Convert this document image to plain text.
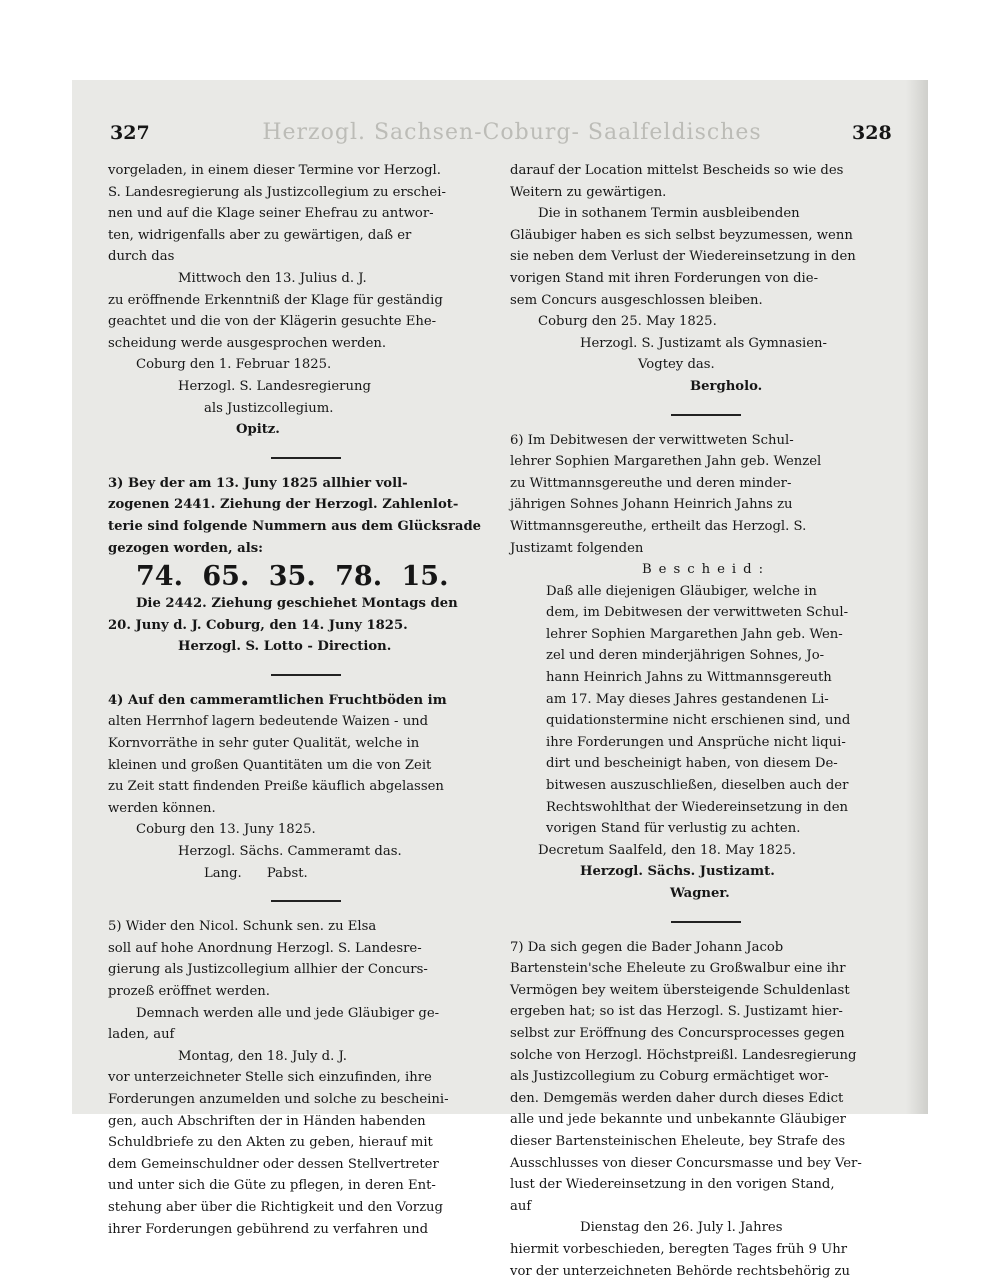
Herzogl. Sachsen-Coburg- Saalfeldisches
327	328

vorgeladen, in einem dieser Termine vor Herzogl.

S. Landesregierung als Justizcollegium zu erschei-

nen und auf die Klage seiner Ehefrau zu antwor-

ten, widrigenfalls aber zu gewärtigen, daß er

durch das

Mittwoch den 13. Julius d. J.

zu eröffnende Erkenntniß der Klage für geständig

geachtet und die von der Klägerin gesuchte Ehe-

scheidung werde ausgesprochen werden.

Coburg den 1. Februar 1825.

Herzogl. S. Landesregierung

als Justizcollegium.

Opitz.

3) Bey der am 13. Juny 1825 allhier voll-

zogenen 2441. Ziehung der Herzogl. Zahlenlot-

terie sind folgende Nummern aus dem Glücksrade

gezogen worden, als:

74. 65. 35. 78. 15.

Die 2442. Ziehung geschiehet Montags den

20. Juny d. J. Coburg, den 14. Juny 1825.

Herzogl. S. Lotto - Direction.

4) Auf den cammeramtlichen Fruchtböden im

alten Herrnhof lagern bedeutende Waizen - und

Kornvorräthe in sehr guter Qualität, welche in

kleinen und großen Quantitäten um die von Zeit

zu Zeit statt findenden Preiße käuflich abgelassen

werden können.

Coburg den 13. Juny 1825.

Herzogl. Sächs. Cammeramt das.

Lang.      Pabst.

5) Wider den Nicol. Schunk sen. zu Elsa

soll auf hohe Anordnung Herzogl. S. Landesre-

gierung als Justizcollegium allhier der Concurs-

prozeß eröffnet werden.

Demnach werden alle und jede Gläubiger ge-

laden, auf

Montag, den 18. July d. J.

vor unterzeichneter Stelle sich einzufinden, ihre

Forderungen anzumelden und solche zu bescheini-

gen, auch Abschriften der in Händen habenden

Schuldbriefe zu den Akten zu geben, hierauf mit

dem Gemeinschuldner oder dessen Stellvertreter

und unter sich die Güte zu pflegen, in deren Ent-

stehung aber über die Richtigkeit und den Vorzug

ihrer Forderungen gebührend zu verfahren und

darauf der Location mittelst Bescheids so wie des

Weitern zu gewärtigen.

Die in sothanem Termin ausbleibenden

Gläubiger haben es sich selbst beyzumessen, wenn

sie neben dem Verlust der Wiedereinsetzung in den

vorigen Stand mit ihren Forderungen von die-

sem Concurs ausgeschlossen bleiben.

Coburg den 25. May 1825.

Herzogl. S. Justizamt als Gymnasien-

Vogtey das.

Bergholo.

6) Im Debitwesen der verwittweten Schul-

lehrer Sophien Margarethen Jahn geb. Wenzel

zu Wittmannsgereuthe und deren minder-

jährigen Sohnes Johann Heinrich Jahns zu

Wittmannsgereuthe, ertheilt das Herzogl. S.

Justizamt folgenden

Bescheid:

Daß alle diejenigen Gläubiger, welche in

dem, im Debitwesen der verwittweten Schul-

lehrer Sophien Margarethen Jahn geb. Wen-

zel und deren minderjährigen Sohnes, Jo-

hann Heinrich Jahns zu Wittmannsgereuth

am 17. May dieses Jahres gestandenen Li-

quidationstermine nicht erschienen sind, und

ihre Forderungen und Ansprüche nicht liqui-

dirt und bescheinigt haben, von diesem De-

bitwesen auszuschließen, dieselben auch der

Rechtswohlthat der Wiedereinsetzung in den

vorigen Stand für verlustig zu achten.

Decretum Saalfeld, den 18. May 1825.

Herzogl. Sächs. Justizamt.

Wagner.

7) Da sich gegen die Bader Johann Jacob

Bartenstein'sche Eheleute zu Großwalbur eine ihr

Vermögen bey weitem übersteigende Schuldenlast

ergeben hat; so ist das Herzogl. S. Justizamt hier-

selbst zur Eröffnung des Concursprocesses gegen

solche von Herzogl. Höchstpreißl. Landesregierung

als Justizcollegium zu Coburg ermächtiget wor-

den. Demgemäs werden daher durch dieses Edict

alle und jede bekannte und unbekannte Gläubiger

dieser Bartensteinischen Eheleute, bey Strafe des

Ausschlusses von dieser Concursmasse und bey Ver-

lust der Wiedereinsetzung in den vorigen Stand,

auf

Dienstag den 26. July l. Jahres

hiermit vorbeschieden, beregten Tages früh 9 Uhr

vor der unterzeichneten Behörde rechtsbehörig zu
